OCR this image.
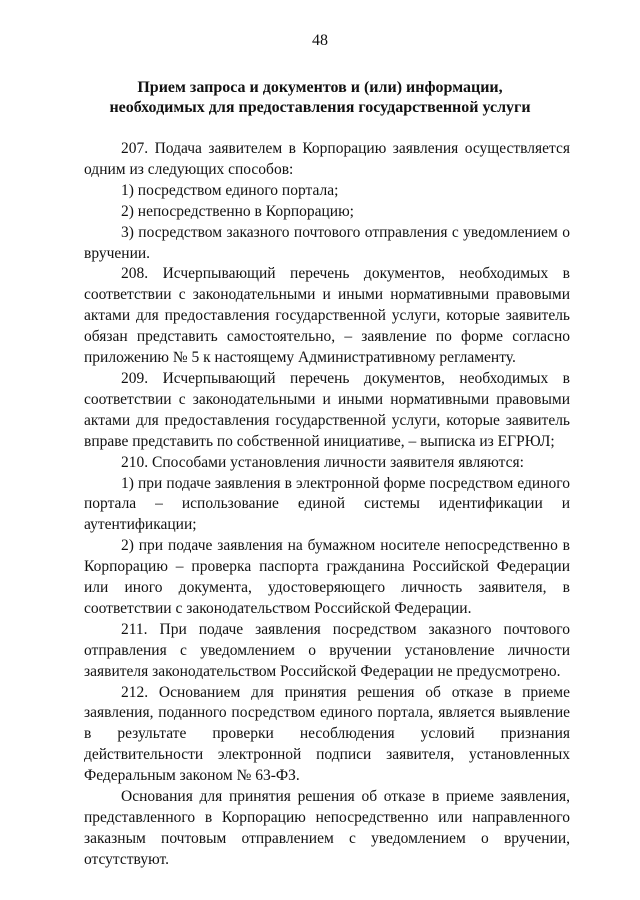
48
Прием запроса и документов и (или) информации,
необходимых для предоставления государственной услуги

207. Подача заявителем в Корпорацию заявления осуществляется одним из следующих способов:

1) посредством единого портала;

2) непосредственно в Корпорацию;

3) посредством заказного почтового отправления с уведомлением о вручении.

208. Исчерпывающий перечень документов, необходимых в соответствии с законодательными и иными нормативными правовыми актами для предоставления государственной услуги, которые заявитель обязан представить самостоятельно, – заявление по форме согласно приложению № 5 к настоящему Административному регламенту.

209. Исчерпывающий перечень документов, необходимых в соответствии с законодательными и иными нормативными правовыми актами для предоставления государственной услуги, которые заявитель вправе представить по собственной инициативе, – выписка из ЕГРЮЛ;

210. Способами установления личности заявителя являются:

1) при подаче заявления в электронной форме посредством единого портала – использование единой системы идентификации и аутентификации;

2) при подаче заявления на бумажном носителе непосредственно в Корпорацию – проверка паспорта гражданина Российской Федерации или иного документа, удостоверяющего личность заявителя, в соответствии с законодательством Российской Федерации.

211. При подаче заявления посредством заказного почтового отправления с уведомлением о вручении установление личности заявителя законодательством Российской Федерации не предусмотрено.

212. Основанием для принятия решения об отказе в приеме заявления, поданного посредством единого портала, является выявление в результате проверки несоблюдения условий признания действительности электронной подписи заявителя, установленных Федеральным законом № 63-ФЗ.

Основания для принятия решения об отказе в приеме заявления, представленного в Корпорацию непосредственно или направленного заказным почтовым отправлением с уведомлением о вручении, отсутствуют.
